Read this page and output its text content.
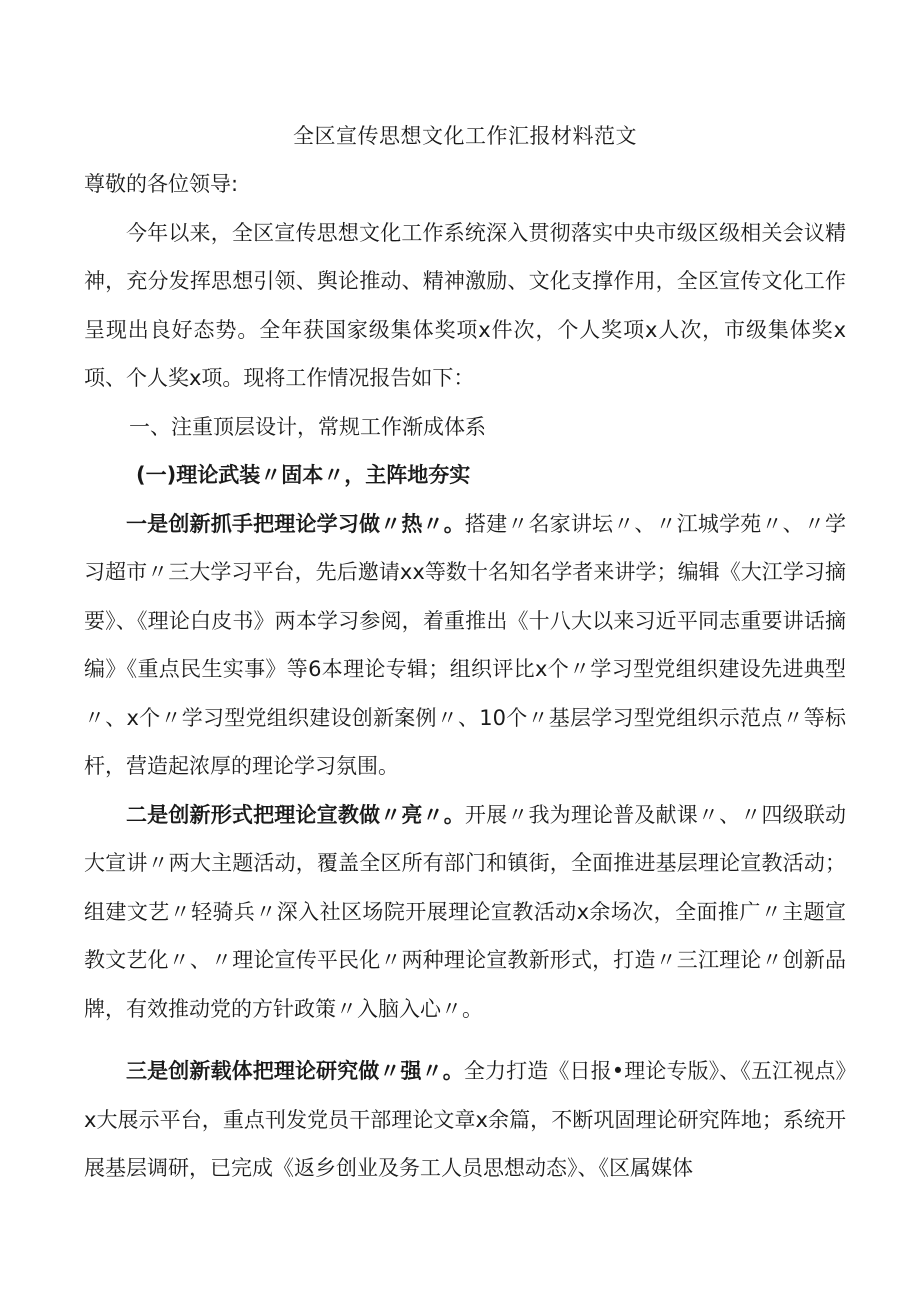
全区宣传思想文化工作汇报材料范文
尊敬的各位领导:
今年以来，全区宣传思想文化工作系统深入贯彻落实中央市级区级相关会议精神，充分发挥思想引领、舆论推动、精神激励、文化支撑作用，全区宣传文化工作呈现出良好态势。全年获国家级集体奖项x件次，个人奖项x人次，市级集体奖x项、个人奖x项。现将工作情况报告如下：
一、注重顶层设计，常规工作渐成体系
(一)理论武装〃固本〃，主阵地夯实
一是创新抓手把理论学习做〃热〃。搭建〃名家讲坛〃、〃江城学苑〃、〃学习超市〃三大学习平台，先后邀请xx等数十名知名学者来讲学；编辑《大江学习摘要》、《理论白皮书》两本学习参阅，着重推出《十八大以来习近平同志重要讲话摘编》《重点民生实事》等6本理论专辑；组织评比x个〃学习型党组织建设先进典型〃、x个〃学习型党组织建设创新案例〃、10个〃基层学习型党组织示范点〃等标杆，营造起浓厚的理论学习氛围。
二是创新形式把理论宣教做〃亮〃。开展〃我为理论普及献课〃、〃四级联动大宣讲〃两大主题活动，覆盖全区所有部门和镇街，全面推进基层理论宣教活动；组建文艺〃轻骑兵〃深入社区场院开展理论宣教活动x余场次，全面推广〃主题宣教文艺化〃、〃理论宣传平民化〃两种理论宣教新形式，打造〃三江理论〃创新品牌，有效推动党的方针政策〃入脑入心〃。
三是创新载体把理论研究做〃强〃。全力打造《日报•理论专版》、《五江视点》x大展示平台，重点刊发党员干部理论文章x余篇，不断巩固理论研究阵地；系统开展基层调研，已完成《返乡创业及务工人员思想动态》、《区属媒体
